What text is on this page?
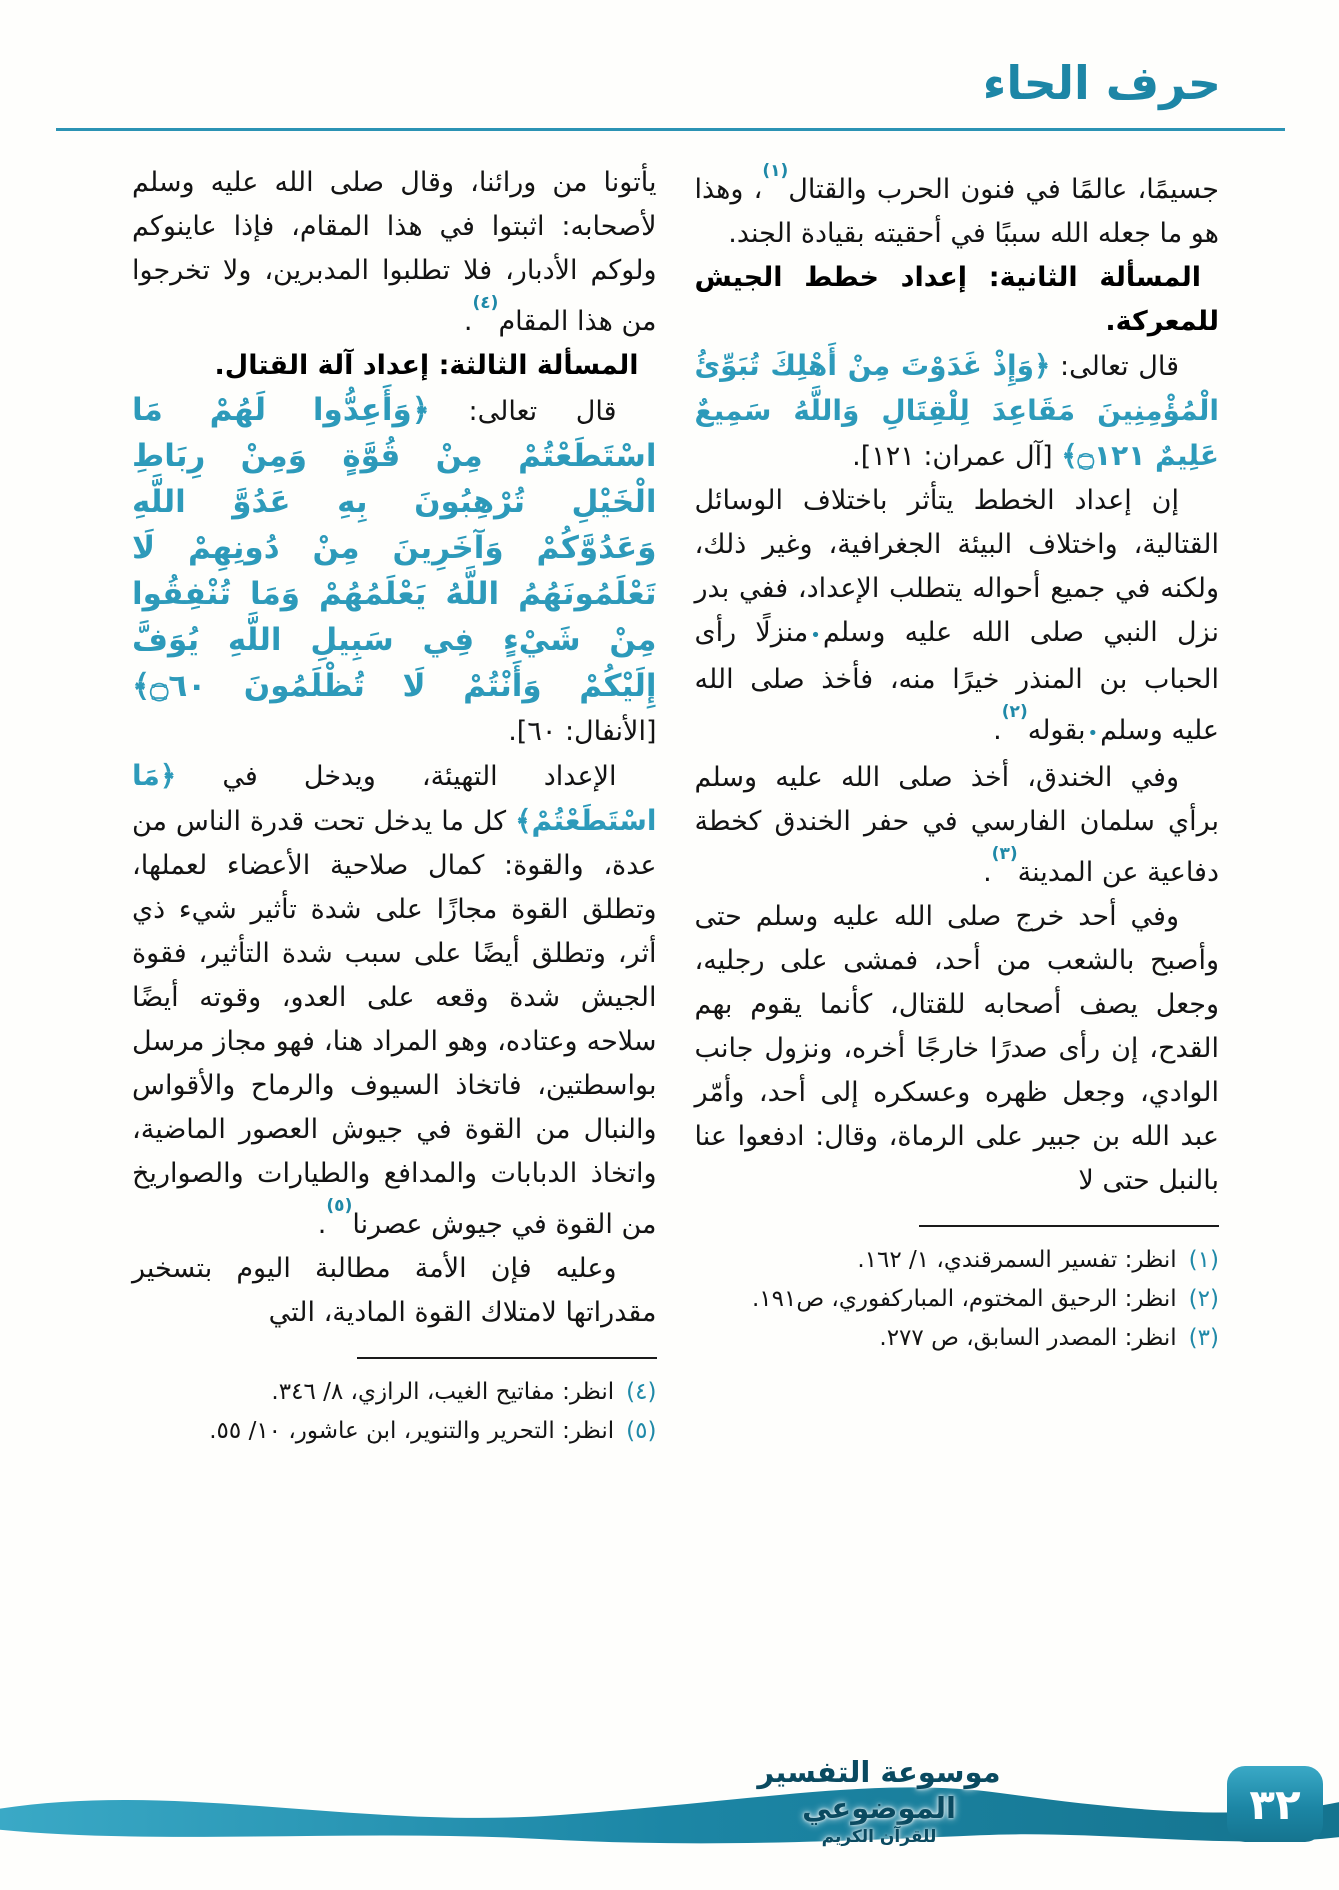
حرف الحاء

جسيمًا، عالمًا في فنون الحرب والقتال$^{(١)}$، وهذا هو ما جعله الله سببًا في أحقيته بقيادة الجند.

المسألة الثانية: إعداد خطط الجيش للمعركة.

قال تعالى: ﴿وَإِذْ غَدَوْتَ مِنْ أَهْلِكَ تُبَوِّئُ الْمُؤْمِنِينَ مَقَاعِدَ لِلْقِتَالِ وَاللَّهُ سَمِيعٌ عَلِيمٌ ۝١٢١﴾ [آل عمران: ١٢١].

إن إعداد الخطط يتأثر باختلاف الوسائل القتالية، واختلاف البيئة الجغرافية، وغير ذلك، ولكنه في جميع أحواله يتطلب الإعداد، ففي بدر نزل النبي صلى الله عليه وسلم•منزلًا رأى الحباب بن المنذر خيرًا منه، فأخذ صلى الله عليه وسلم•بقوله$^{(٢)}$.

وفي الخندق، أخذ صلى الله عليه وسلم برأي سلمان الفارسي في حفر الخندق كخطة دفاعية عن المدينة$^{(٣)}$.

وفي أحد خرج صلى الله عليه وسلم حتى وأصبح بالشعب من أحد، فمشى على رجليه، وجعل يصف أصحابه للقتال، كأنما يقوم بهم القدح، إن رأى صدرًا خارجًا أخره، ونزول جانب الوادي، وجعل ظهره وعسكره إلى أحد، وأمّر عبد الله بن جبير على الرماة، وقال: ادفعوا عنا بالنبل حتى لا

(١)
انظر: تفسير السمرقندي، ١/ ١٦٢.
(٢)
انظر: الرحيق المختوم، المباركفوري، ص١٩١.
(٣)
انظر: المصدر السابق، ص ٢٧٧.

يأتونا من ورائنا، وقال صلى الله عليه وسلم لأصحابه: اثبتوا في هذا المقام، فإذا عاينوكم ولوكم الأدبار، فلا تطلبوا المدبرين، ولا تخرجوا من هذا المقام$^{(٤)}$.

المسألة الثالثة: إعداد آلة القتال.

قال تعالى: ﴿وَأَعِدُّوا لَهُمْ مَا اسْتَطَعْتُمْ مِنْ قُوَّةٍ وَمِنْ رِبَاطِ الْخَيْلِ تُرْهِبُونَ بِهِ عَدُوَّ اللَّهِ وَعَدُوَّكُمْ وَآخَرِينَ مِنْ دُونِهِمْ لَا تَعْلَمُونَهُمُ اللَّهُ يَعْلَمُهُمْ وَمَا تُنْفِقُوا مِنْ شَيْءٍ فِي سَبِيلِ اللَّهِ يُوَفَّ إِلَيْكُمْ وَأَنْتُمْ لَا تُظْلَمُونَ ۝٦٠﴾ [الأنفال: ٦٠].

الإعداد التهيئة، ويدخل في ﴿مَا اسْتَطَعْتُمْ﴾ كل ما يدخل تحت قدرة الناس من عدة، والقوة: كمال صلاحية الأعضاء لعملها، وتطلق القوة مجازًا على شدة تأثير شيء ذي أثر، وتطلق أيضًا على سبب شدة التأثير، فقوة الجيش شدة وقعه على العدو، وقوته أيضًا سلاحه وعتاده، وهو المراد هنا، فهو مجاز مرسل بواسطتين، فاتخاذ السيوف والرماح والأقواس والنبال من القوة في جيوش العصور الماضية، واتخاذ الدبابات والمدافع والطيارات والصواريخ من القوة في جيوش عصرنا$^{(٥)}$.

وعليه فإن الأمة مطالبة اليوم بتسخير مقدراتها لامتلاك القوة المادية، التي

(٤)
انظر: مفاتيح الغيب، الرازي، ٨/ ٣٤٦.
(٥)
انظر: التحرير والتنوير، ابن عاشور، ١٠/ ٥٥.
موسوعة التفسير الموضوعي
للقرآن الكريم
٣٢
